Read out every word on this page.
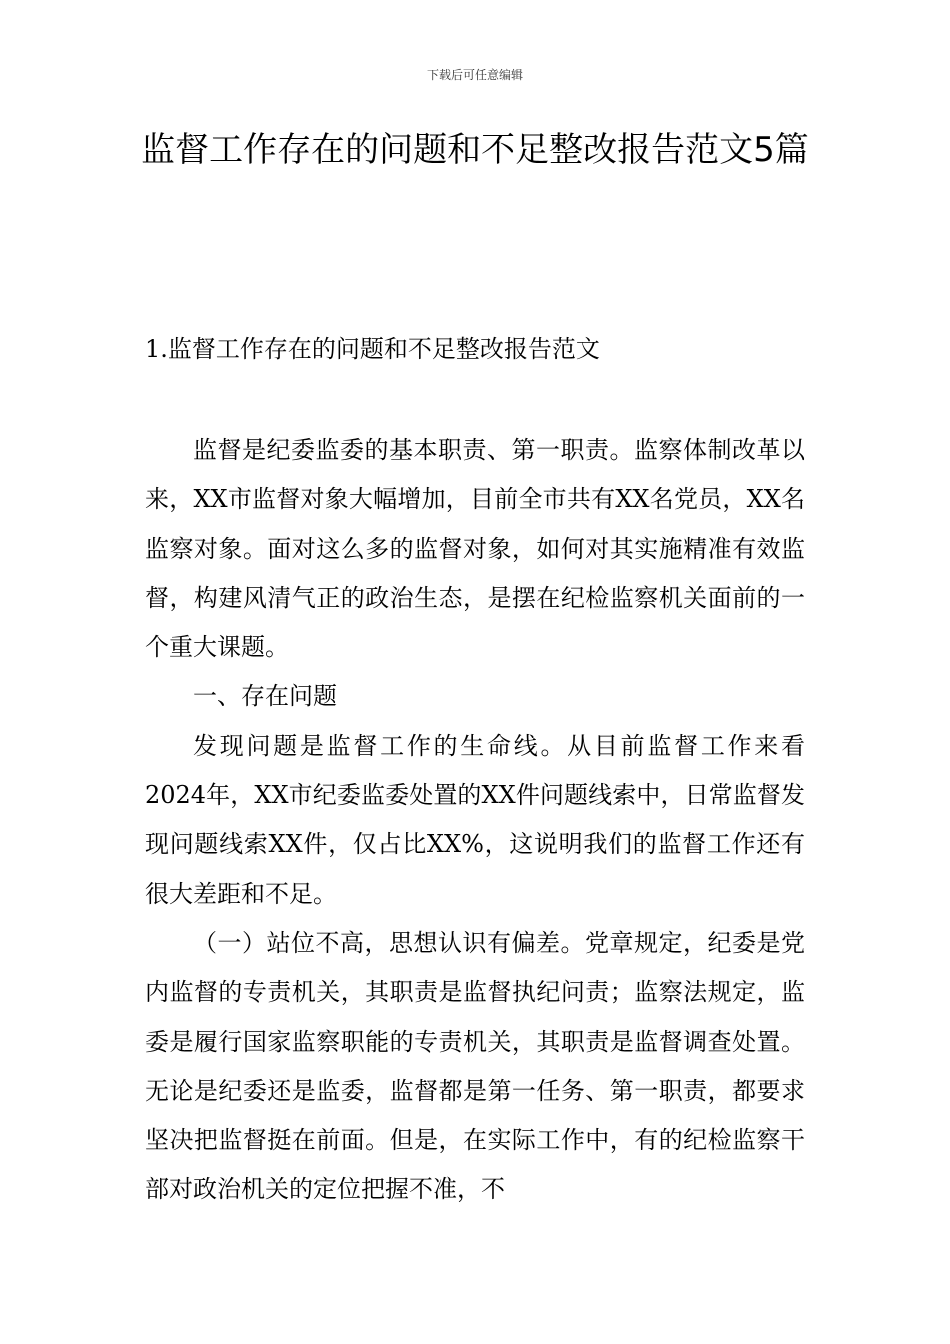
下载后可任意编辑
监督工作存在的问题和不足整改报告范文5篇
1.监督工作存在的问题和不足整改报告范文

监督是纪委监委的基本职责、第一职责。监察体制改革以来，XX市监督对象大幅增加，目前全市共有XX名党员，XX名监察对象。面对这么多的监督对象，如何对其实施精准有效监督，构建风清气正的政治生态，是摆在纪检监察机关面前的一个重大课题。

一、存在问题

发现问题是监督工作的生命线。从目前监督工作来看2024年，XX市纪委监委处置的XX件问题线索中，日常监督发现问题线索XX件，仅占比XX%，这说明我们的监督工作还有很大差距和不足。

（一）站位不高，思想认识有偏差。党章规定，纪委是党内监督的专责机关，其职责是监督执纪问责；监察法规定，监委是履行国家监察职能的专责机关，其职责是监督调查处置。无论是纪委还是监委，监督都是第一任务、第一职责，都要求坚决把监督挺在前面。但是，在实际工作中，有的纪检监察干部对政治机关的定位把握不准，不
